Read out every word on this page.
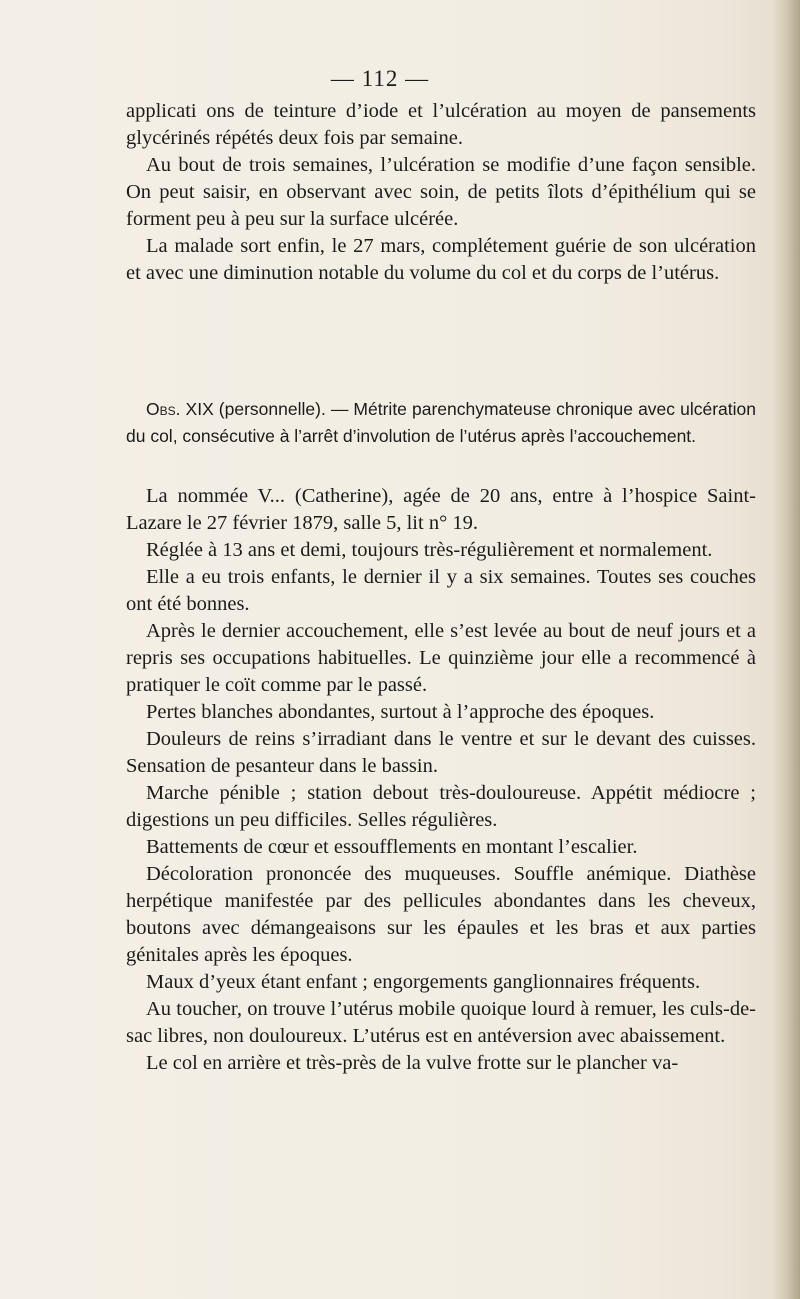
— 112 —

applicati ons de teinture d’iode et l’ulcération au moyen de pansements glycérinés répétés deux fois par semaine.

Au bout de trois semaines, l’ulcération se modifie d’une façon sensible. On peut saisir, en observant avec soin, de petits îlots d’épithélium qui se forment peu à peu sur la surface ulcérée.

La malade sort enfin, le 27 mars, complétement guérie de son ulcération et avec une diminution notable du volume du col et du corps de l’utérus.

Obs. XIX (personnelle). — Métrite parenchymateuse chronique avec ulcération du col, consécutive à l’arrêt d’involution de l’utérus après l’accouchement.

La nommée V... (Catherine), agée de 20 ans, entre à l’hospice Saint-Lazare le 27 février 1879, salle 5, lit n° 19.

Réglée à 13 ans et demi, toujours très-régulièrement et normalement.

Elle a eu trois enfants, le dernier il y a six semaines. Toutes ses couches ont été bonnes.

Après le dernier accouchement, elle s’est levée au bout de neuf jours et a repris ses occupations habituelles. Le quinzième jour elle a recommencé à pratiquer le coït comme par le passé.

Pertes blanches abondantes, surtout à l’approche des époques.

Douleurs de reins s’irradiant dans le ventre et sur le devant des cuisses. Sensation de pesanteur dans le bassin.

Marche pénible ; station debout très-douloureuse. Appétit médiocre ; digestions un peu difficiles. Selles régulières.

Battements de cœur et essoufflements en montant l’escalier.

Décoloration prononcée des muqueuses. Souffle anémique. Diathèse herpétique manifestée par des pellicules abondantes dans les cheveux, boutons avec démangeaisons sur les épaules et les bras et aux parties génitales après les époques.

Maux d’yeux étant enfant ; engorgements ganglionnaires fréquents.

Au toucher, on trouve l’utérus mobile quoique lourd à remuer, les culs-de-sac libres, non douloureux. L’utérus est en antéversion avec abaissement.

Le col en arrière et très-près de la vulve frotte sur le plancher va-
